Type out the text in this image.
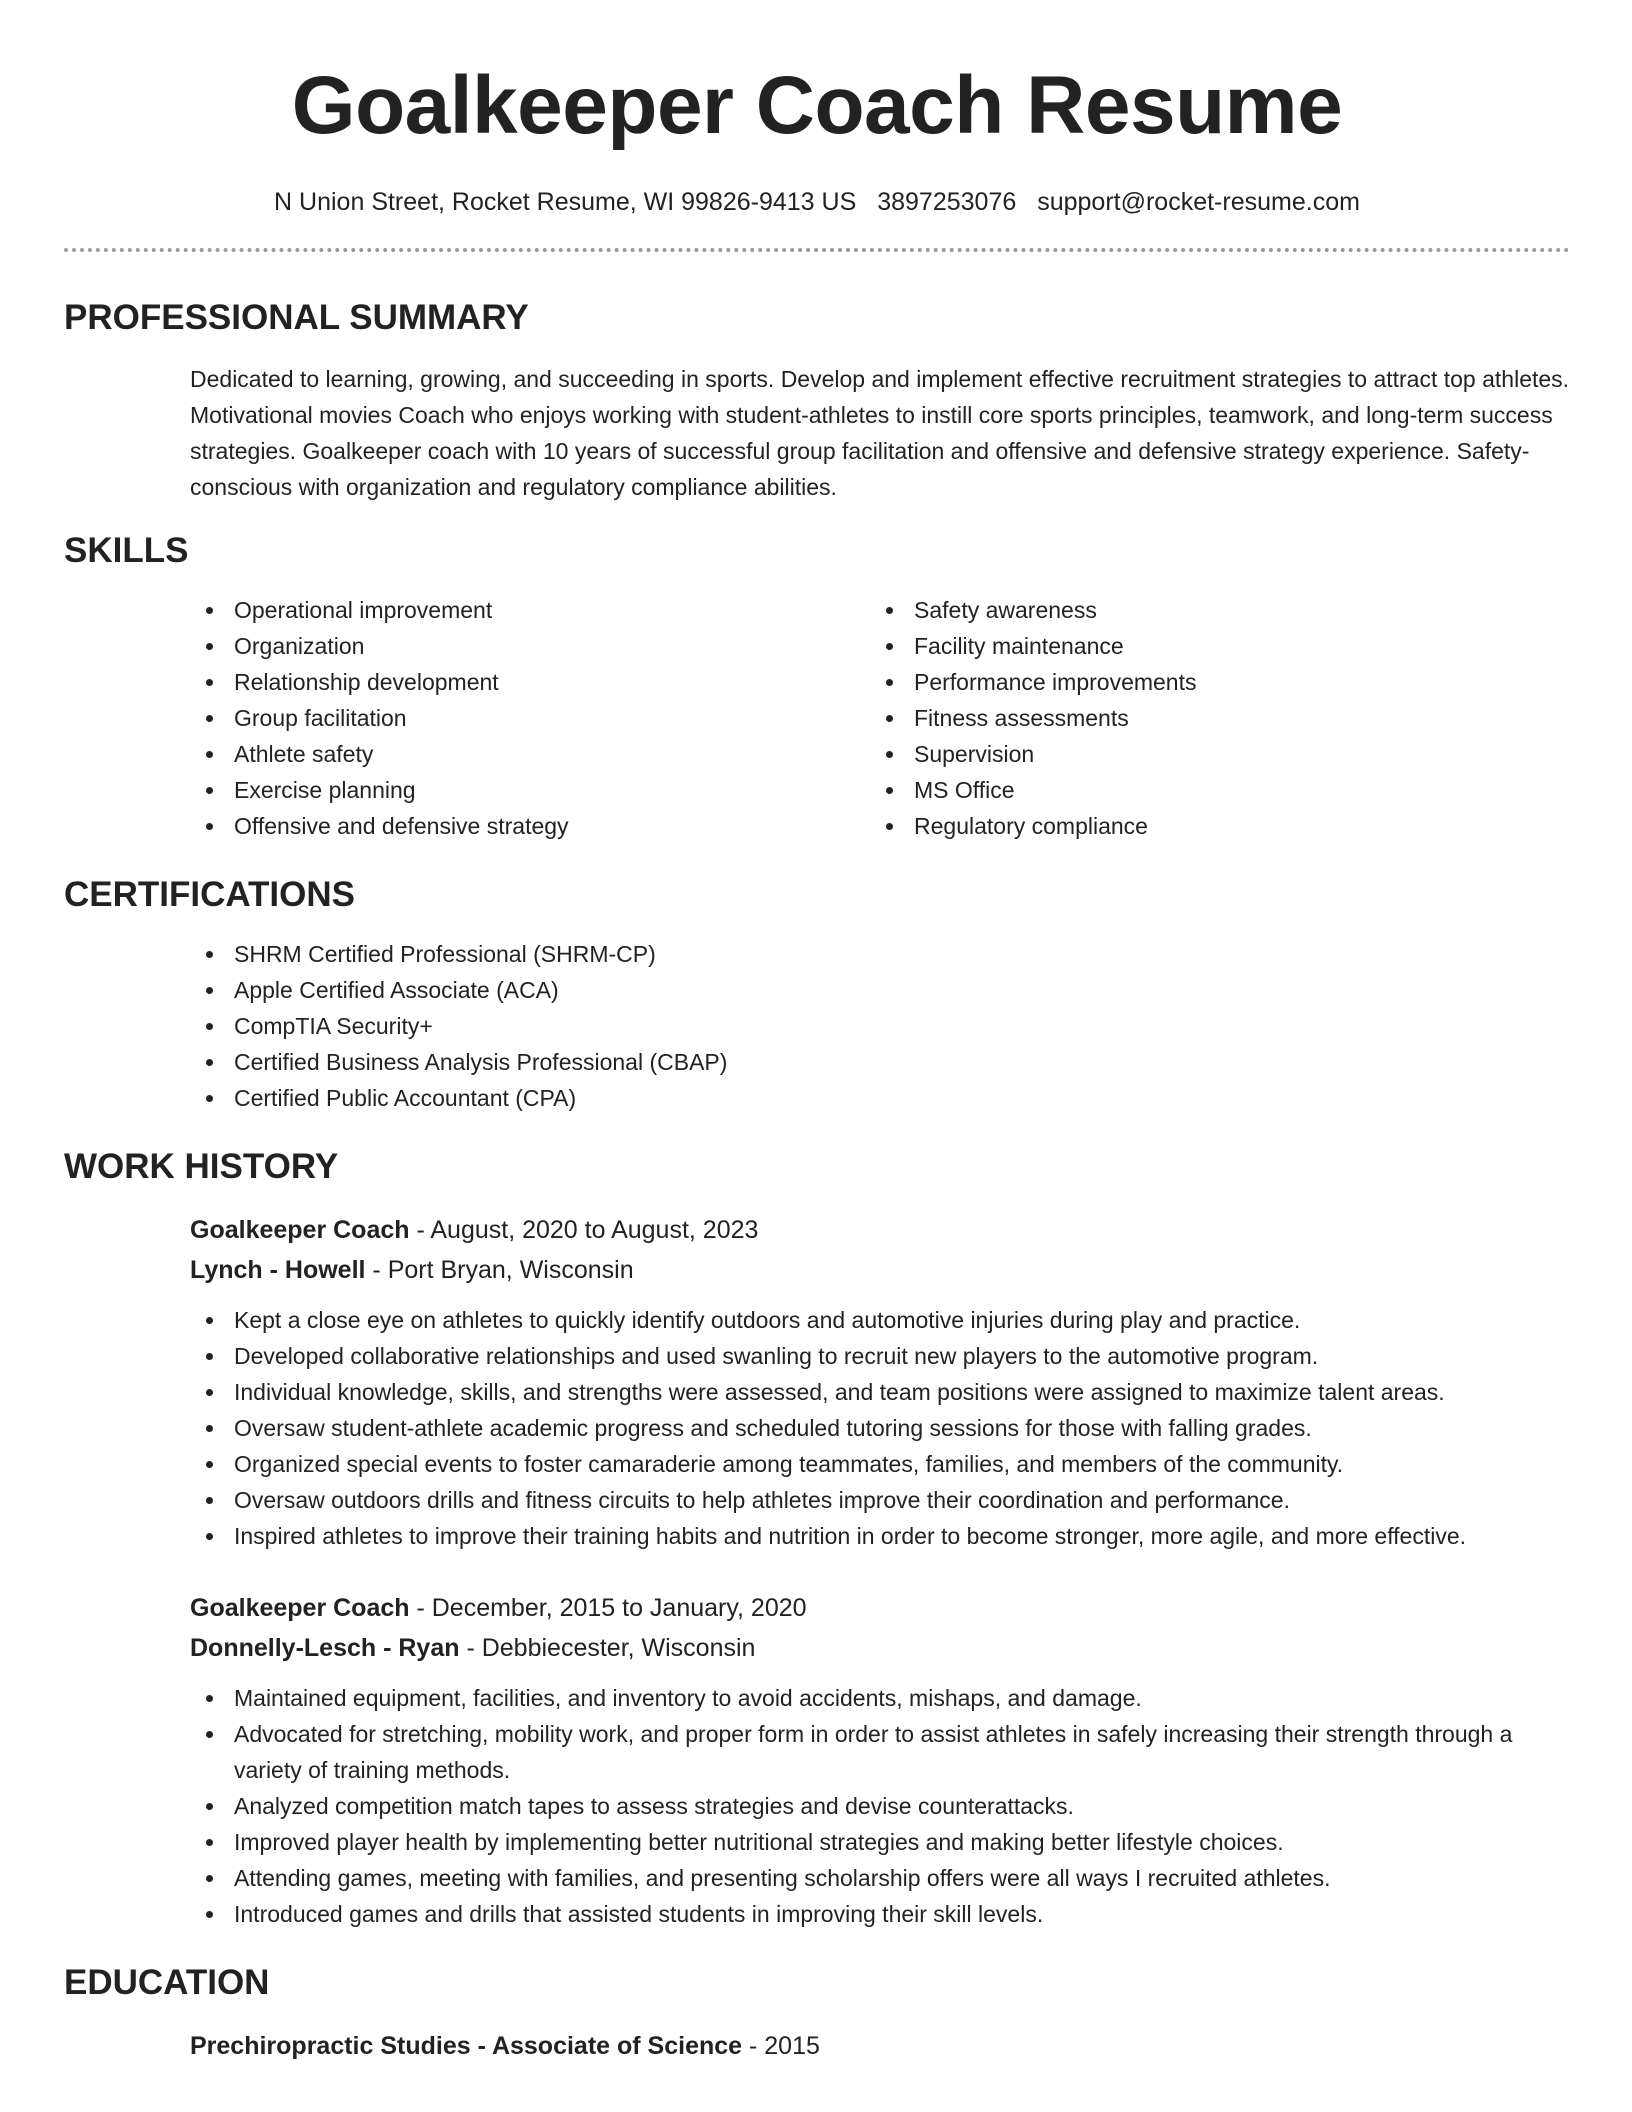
Goalkeeper Coach Resume
N Union Street, Rocket Resume, WI 99826-9413 US 3897253076 support@rocket-resume.com
PROFESSIONAL SUMMARY

Dedicated to learning, growing, and succeeding in sports. Develop and implement effective recruitment strategies to attract top athletes. Motivational movies Coach who enjoys working with student-athletes to instill core sports principles, teamwork, and long-term success strategies. Goalkeeper coach with 10 years of successful group facilitation and offensive and defensive strategy experience. Safety-conscious with organization and regulatory compliance abilities.

SKILLS
Operational improvement
Organization
Relationship development
Group facilitation
Athlete safety
Exercise planning
Offensive and defensive strategy
Safety awareness
Facility maintenance
Performance improvements
Fitness assessments
Supervision
MS Office
Regulatory compliance
CERTIFICATIONS
SHRM Certified Professional (SHRM-CP)
Apple Certified Associate (ACA)
CompTIA Security+
Certified Business Analysis Professional (CBAP)
Certified Public Accountant (CPA)
WORK HISTORY
Goalkeeper Coach - August, 2020 to August, 2023
Lynch - Howell - Port Bryan, Wisconsin
Kept a close eye on athletes to quickly identify outdoors and automotive injuries during play and practice.
Developed collaborative relationships and used swanling to recruit new players to the automotive program.
Individual knowledge, skills, and strengths were assessed, and team positions were assigned to maximize talent areas.
Oversaw student-athlete academic progress and scheduled tutoring sessions for those with falling grades.
Organized special events to foster camaraderie among teammates, families, and members of the community.
Oversaw outdoors drills and fitness circuits to help athletes improve their coordination and performance.
Inspired athletes to improve their training habits and nutrition in order to become stronger, more agile, and more effective.
Goalkeeper Coach - December, 2015 to January, 2020
Donnelly-Lesch - Ryan - Debbiecester, Wisconsin
Maintained equipment, facilities, and inventory to avoid accidents, mishaps, and damage.
Advocated for stretching, mobility work, and proper form in order to assist athletes in safely increasing their strength through a variety of training methods.
Analyzed competition match tapes to assess strategies and devise counterattacks.
Improved player health by implementing better nutritional strategies and making better lifestyle choices.
Attending games, meeting with families, and presenting scholarship offers were all ways I recruited athletes.
Introduced games and drills that assisted students in improving their skill levels.
EDUCATION
Prechiropractic Studies - Associate of Science - 2015
